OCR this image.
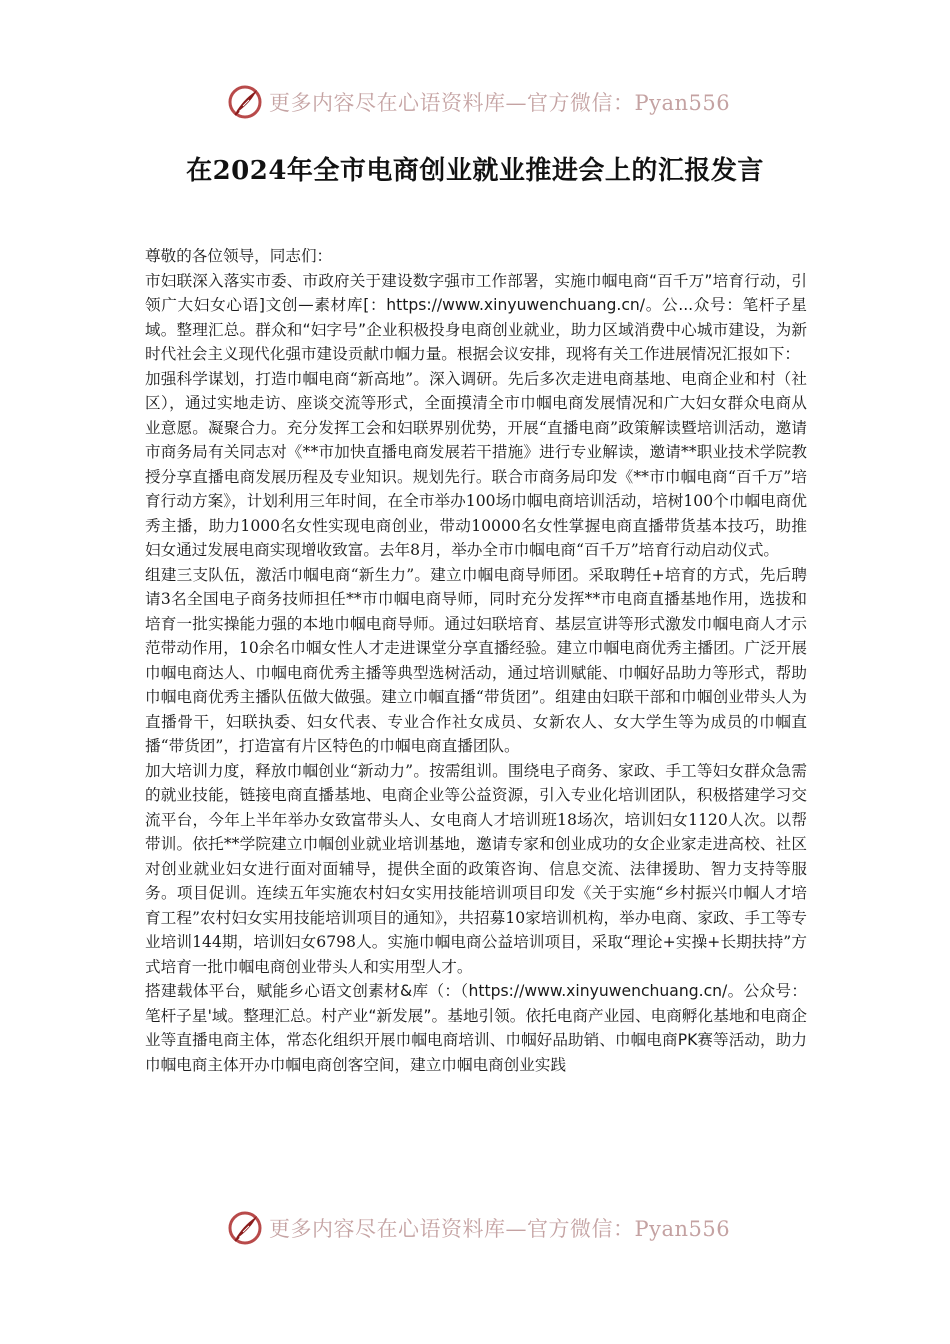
更多内容尽在心语资料库—官方微信：Pyan556
在2024年全市电商创业就业推进会上的汇报发言

尊敬的各位领导，同志们：

市妇联深入落实市委、市政府关于建设数字强市工作部署，实施巾帼电商“百千万”培育行动，引领广大妇女心语]文创—素材库[：https://www.xinyuwenchuang.cn/。公...众号：笔杆子星域。整理汇总。群众和“妇字号”企业积极投身电商创业就业，助力区域消费中心城市建设，为新时代社会主义现代化强市建设贡献巾帼力量。根据会议安排，现将有关工作进展情况汇报如下：

加强科学谋划，打造巾帼电商“新高地”。深入调研。先后多次走进电商基地、电商企业和村（社区），通过实地走访、座谈交流等形式，全面摸清全市巾帼电商发展情况和广大妇女群众电商从业意愿。凝聚合力。充分发挥工会和妇联界别优势，开展“直播电商”政策解读暨培训活动，邀请市商务局有关同志对《**市加快直播电商发展若干措施》进行专业解读，邀请**职业技术学院教授分享直播电商发展历程及专业知识。规划先行。联合市商务局印发《**市巾帼电商“百千万”培育行动方案》，计划利用三年时间，在全市举办100场巾帼电商培训活动，培树100个巾帼电商优秀主播，助力1000名女性实现电商创业，带动10000名女性掌握电商直播带货基本技巧，助推妇女通过发展电商实现增收致富。去年8月，举办全市巾帼电商“百千万”培育行动启动仪式。

组建三支队伍，激活巾帼电商“新生力”。建立巾帼电商导师团。采取聘任+培育的方式，先后聘请3名全国电子商务技师担任**市巾帼电商导师，同时充分发挥**市电商直播基地作用，选拔和培育一批实操能力强的本地巾帼电商导师。通过妇联培育、基层宣讲等形式激发巾帼电商人才示范带动作用，10余名巾帼女性人才走进课堂分享直播经验。建立巾帼电商优秀主播团。广泛开展巾帼电商达人、巾帼电商优秀主播等典型选树活动，通过培训赋能、巾帼好品助力等形式，帮助巾帼电商优秀主播队伍做大做强。建立巾帼直播“带货团”。组建由妇联干部和巾帼创业带头人为直播骨干，妇联执委、妇女代表、专业合作社女成员、女新农人、女大学生等为成员的巾帼直播“带货团”，打造富有片区特色的巾帼电商直播团队。

加大培训力度，释放巾帼创业“新动力”。按需组训。围绕电子商务、家政、手工等妇女群众急需的就业技能，链接电商直播基地、电商企业等公益资源，引入专业化培训团队，积极搭建学习交流平台，今年上半年举办女致富带头人、女电商人才培训班18场次，培训妇女1120人次。以帮带训。依托**学院建立巾帼创业就业培训基地，邀请专家和创业成功的女企业家走进高校、社区对创业就业妇女进行面对面辅导，提供全面的政策咨询、信息交流、法律援助、智力支持等服务。项目促训。连续五年实施农村妇女实用技能培训项目印发《关于实施“乡村振兴巾帼人才培育工程”农村妇女实用技能培训项目的通知》，共招募10家培训机构，举办电商、家政、手工等专业培训144期，培训妇女6798人。实施巾帼电商公益培训项目，采取“理论+实操+长期扶持”方式培育一批巾帼电商创业带头人和实用型人才。

搭建载体平台，赋能乡心语文创素材&库（：（https://www.xinyuwenchuang.cn/。公众号：笔杆子星'域。整理汇总。村产业“新发展”。基地引领。依托电商产业园、电商孵化基地和电商企业等直播电商主体，常态化组织开展巾帼电商培训、巾帼好品助销、巾帼电商PK赛等活动，助力巾帼电商主体开办巾帼电商创客空间，建立巾帼电商创业实践

更多内容尽在心语资料库—官方微信：Pyan556
